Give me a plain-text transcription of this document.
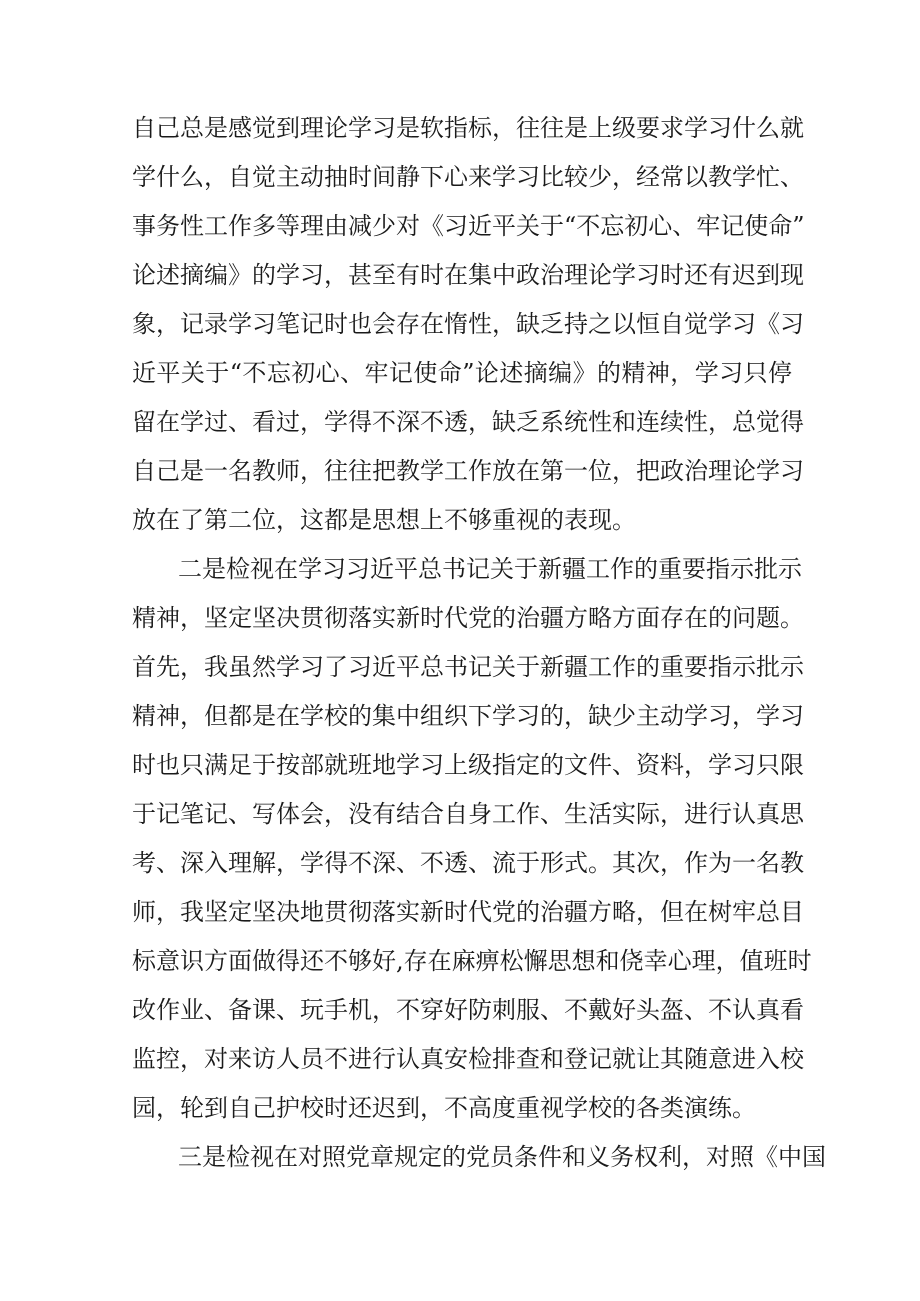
自己总是感觉到理论学习是软指标，往往是上级要求学习什么就
学什么，自觉主动抽时间静下心来学习比较少，经常以教学忙、
事务性工作多等理由减少对《习近平关于“不忘初心、牢记使命”
论述摘编》的学习，甚至有时在集中政治理论学习时还有迟到现
象，记录学习笔记时也会存在惰性，缺乏持之以恒自觉学习《习
近平关于“不忘初心、牢记使命”论述摘编》的精神，学习只停
留在学过、看过，学得不深不透，缺乏系统性和连续性，总觉得
自己是一名教师，往往把教学工作放在第一位，把政治理论学习
放在了第二位，这都是思想上不够重视的表现。
二是检视在学习习近平总书记关于新疆工作的重要指示批示
精神，坚定坚决贯彻落实新时代党的治疆方略方面存在的问题。
首先，我虽然学习了习近平总书记关于新疆工作的重要指示批示
精神，但都是在学校的集中组织下学习的，缺少主动学习，学习
时也只满足于按部就班地学习上级指定的文件、资料，学习只限
于记笔记、写体会，没有结合自身工作、生活实际，进行认真思
考、深入理解，学得不深、不透、流于形式。其次，作为一名教
师，我坚定坚决地贯彻落实新时代党的治疆方略，但在树牢总目
标意识方面做得还不够好,存在麻痹松懈思想和侥幸心理，值班时
改作业、备课、玩手机，不穿好防刺服、不戴好头盔、不认真看
监控，对来访人员不进行认真安检排查和登记就让其随意进入校
园，轮到自己护校时还迟到，不高度重视学校的各类演练。
三是检视在对照党章规定的党员条件和义务权利，对照《中国
